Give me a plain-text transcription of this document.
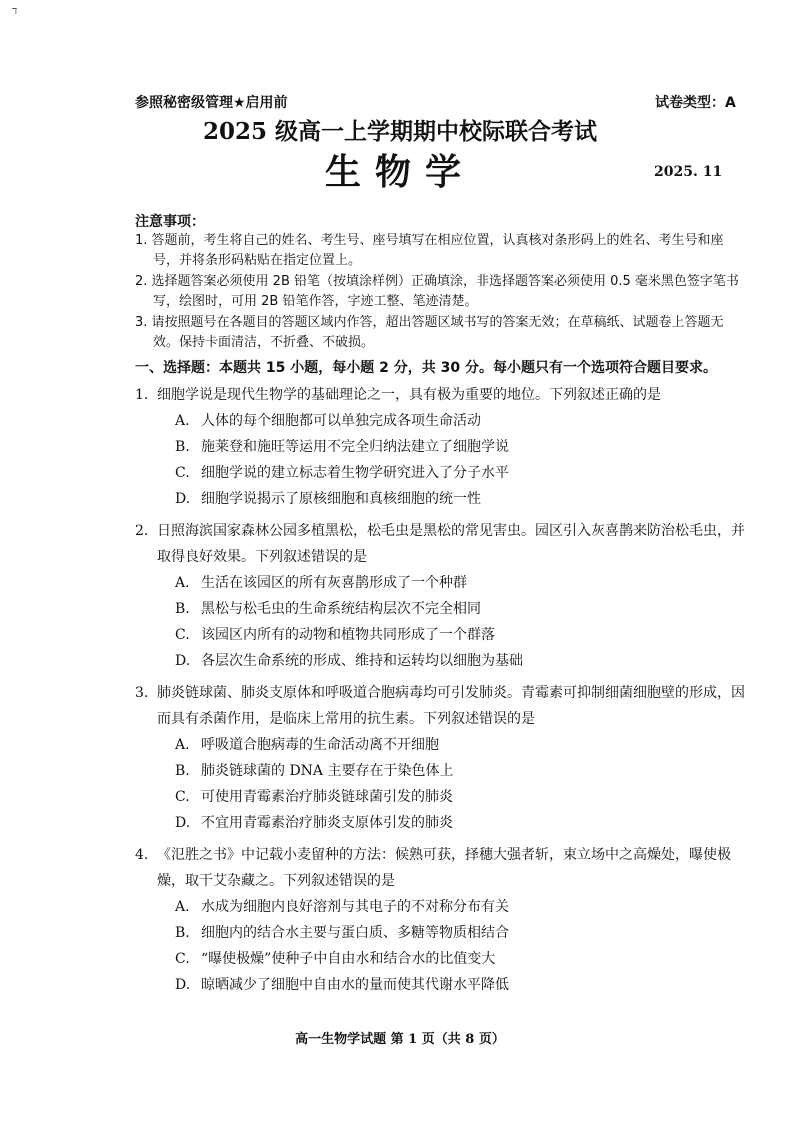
ד
参照秘密级管理★启用前	试卷类型：A
2025 级高一上学期期中校际联合考试
生物学	2025. 11
注意事项：
1. 答题前，考生将自己的姓名、考生号、座号填写在相应位置，认真核对条形码上的姓名、考生号和座号，并将条形码粘贴在指定位置上。
2. 选择题答案必须使用 2B 铅笔（按填涂样例）正确填涂，非选择题答案必须使用 0.5 毫米黑色签字笔书写，绘图时，可用 2B 铅笔作答，字迹工整、笔迹清楚。
3. 请按照题号在各题目的答题区域内作答，超出答题区域书写的答案无效；在草稿纸、试题卷上答题无效。保持卡面清洁，不折叠、不破损。
一、选择题：本题共 15 小题，每小题 2 分，共 30 分。每小题只有一个选项符合题目要求。
1. 细胞学说是现代生物学的基础理论之一，具有极为重要的地位。下列叙述正确的是
A. 人体的每个细胞都可以单独完成各项生命活动
B. 施莱登和施旺等运用不完全归纳法建立了细胞学说
C. 细胞学说的建立标志着生物学研究进入了分子水平
D. 细胞学说揭示了原核细胞和真核细胞的统一性
2. 日照海滨国家森林公园多植黑松，松毛虫是黑松的常见害虫。园区引入灰喜鹊来防治松毛虫，并取得良好效果。下列叙述错误的是
A. 生活在该园区的所有灰喜鹊形成了一个种群
B. 黑松与松毛虫的生命系统结构层次不完全相同
C. 该园区内所有的动物和植物共同形成了一个群落
D. 各层次生命系统的形成、维持和运转均以细胞为基础
3. 肺炎链球菌、肺炎支原体和呼吸道合胞病毒均可引发肺炎。青霉素可抑制细菌细胞壁的形成，因而具有杀菌作用，是临床上常用的抗生素。下列叙述错误的是
A. 呼吸道合胞病毒的生命活动离不开细胞
B. 肺炎链球菌的 DNA 主要存在于染色体上
C. 可使用青霉素治疗肺炎链球菌引发的肺炎
D. 不宜用青霉素治疗肺炎支原体引发的肺炎
4. 《氾胜之书》中记载小麦留种的方法：候熟可获，择穗大强者斩，束立场中之高燥处，曝使极燥，取干艾杂藏之。下列叙述错误的是
A. 水成为细胞内良好溶剂与其电子的不对称分布有关
B. 细胞内的结合水主要与蛋白质、多糖等物质相结合
C. “曝使极燥”使种子中自由水和结合水的比值变大
D. 晾晒减少了细胞中自由水的量而使其代谢水平降低
高一生物学试题 第 1 页（共 8 页）
